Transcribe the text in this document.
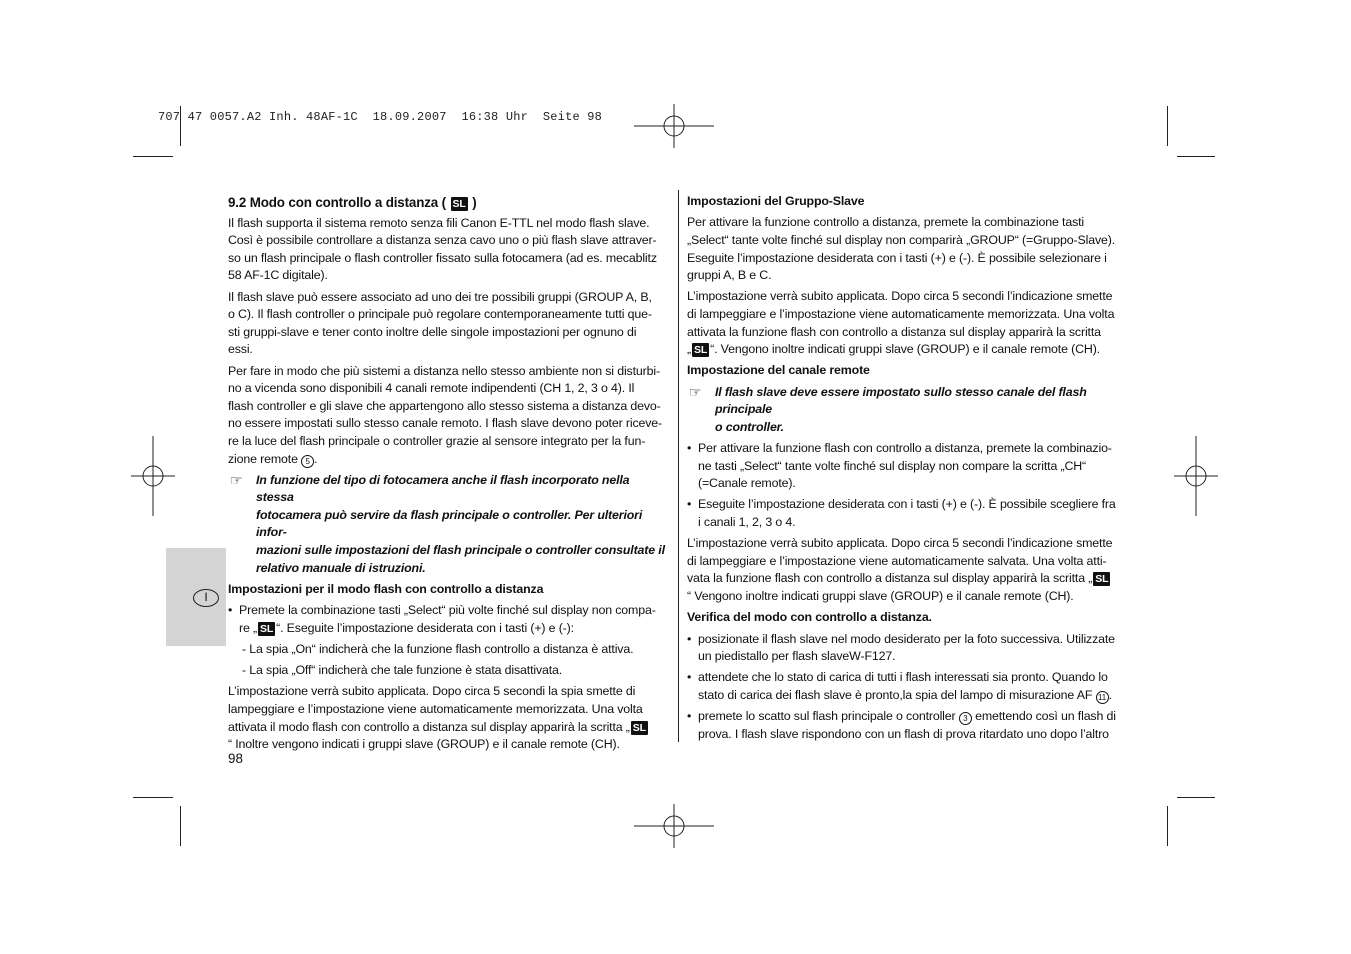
707 47 0057.A2 Inh. 48AF-1C  18.09.2007  16:38 Uhr  Seite 98
I
9.2 Modo con controllo a distanza ( SL )

Il flash supporta il sistema remoto senza fili Canon E-TTL nel modo flash slave.
Così è possibile controllare a distanza senza cavo uno o più flash slave attraver-
so un flash principale o flash controller fissato sulla fotocamera (ad es. mecablitz
58 AF-1C digitale).

Il flash slave può essere associato ad uno dei tre possibili gruppi (GROUP A, B,
o C). Il flash controller o principale può regolare contemporaneamente tutti que-
sti gruppi-slave e tener conto inoltre delle singole impostazioni per ognuno di
essi.

Per fare in modo che più sistemi a distanza nello stesso ambiente non si disturbi-
no a vicenda sono disponibili 4 canali remote indipendenti (CH 1, 2, 3 o 4). Il
flash controller e gli slave che appartengono allo stesso sistema a distanza devo-
no essere impostati sullo stesso canale remoto. I flash slave devono poter riceve-
re la luce del flash principale o controller grazie al sensore integrato per la fun-
zione remote 5 .

☞ In funzione del tipo di fotocamera anche il flash incorporato nella stessa
fotocamera può servire da flash principale o controller. Per ulteriori infor-
mazioni sulle impostazioni del flash principale o controller consultate il
relativo manuale di istruzioni.
Impostazioni per il modo flash con controllo a distanza
• Premete la combinazione tasti „Select“ più volte finché sul display non compa-
re „ SL “. Eseguite l’impostazione desiderata con i tasti (+) e (-):
- La spia „On“ indicherà che la funzione flash controllo a distanza è attiva.
- La spia „Off“ indicherà che tale funzione è stata disattivata.

L’impostazione verrà subito applicata. Dopo circa 5 secondi la spia smette di
lampeggiare e l’impostazione viene automaticamente memorizzata. Una volta
attivata il modo flash con controllo a distanza sul display apparirà la scritta „ SL
“ Inoltre vengono indicati i gruppi slave (GROUP) e il canale remote (CH).

98
Impostazioni del Gruppo-Slave

Per attivare la funzione controllo a distanza, premete la combinazione tasti
„Select“ tante volte finché sul display non comparirà „GROUP“ (=Gruppo-Slave).
Eseguite l’impostazione desiderata con i tasti (+) e (-). È possibile selezionare i
gruppi A, B e C.

L’impostazione verrà subito applicata. Dopo circa 5 secondi l’indicazione smette
di lampeggiare e l’impostazione viene automaticamente memorizzata. Una volta
attivata la funzione flash con controllo a distanza sul display apparirà la scritta
„ SL “. Vengono inoltre indicati gruppi slave (GROUP) e il canale remote (CH).

Impostazione del canale remote
☞ Il flash slave deve essere impostato sullo stesso canale del flash principale
o controller.
• Per attivare la funzione flash con controllo a distanza, premete la combinazio-
ne tasti „Select“ tante volte finché sul display non compare la scritta „CH“
(=Canale remote).
• Eseguite l’impostazione desiderata con i tasti (+) e (-). È possibile scegliere fra
i canali 1, 2, 3 o 4.

L’impostazione verrà subito applicata. Dopo circa 5 secondi l’indicazione smette
di lampeggiare e l’impostazione viene automaticamente salvata. Una volta atti-
vata la funzione flash con controllo a distanza sul display apparirà la scritta „ SL
“ Vengono inoltre indicati gruppi slave (GROUP) e il canale remote (CH).

Verifica del modo con controllo a distanza.
• posizionate il flash slave nel modo desiderato per la foto successiva. Utilizzate
un piedistallo per flash slaveW-F127.
• attendete che lo stato di carica di tutti i flash interessati sia pronto. Quando lo
stato di carica dei flash slave è pronto,la spia del lampo di misurazione AF 11 .
• premete lo scatto sul flash principale o controller 3 emettendo così un flash di
prova. I flash slave rispondono con un flash di prova ritardato uno dopo l’altro
